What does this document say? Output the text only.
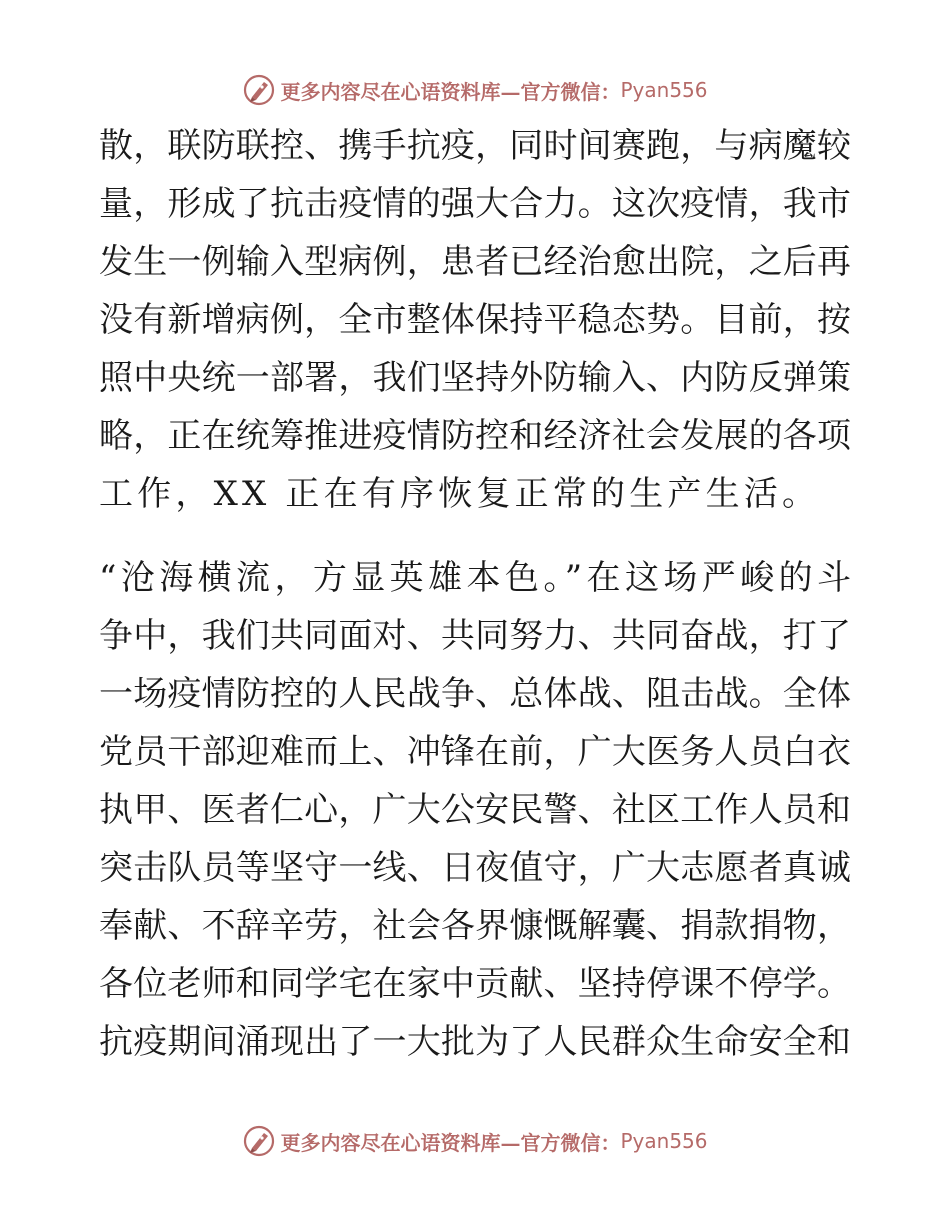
更多内容尽在心语资料库—官方微信： Pyan556
散，联防联控、携手抗疫，同时间赛跑，与病魔较
量，形成了抗击疫情的强大合力。这次疫情，我市
发生一例输入型病例，患者已经治愈出院，之后再
没有新增病例，全市整体保持平稳态势。目前，按
照中央统一部署，我们坚持外防输入、内防反弹策
略，正在统筹推进疫情防控和经济社会发展的各项
工作，XX 正在有序恢复正常的生产生活。
“沧海横流，方显英雄本色。”在这场严峻的斗
争中，我们共同面对、共同努力、共同奋战，打了
一场疫情防控的人民战争、总体战、阻击战。全体
党员干部迎难而上、冲锋在前，广大医务人员白衣
执甲、医者仁心，广大公安民警、社区工作人员和
突击队员等坚守一线、日夜值守，广大志愿者真诚
奉献、不辞辛劳，社会各界慷慨解囊、捐款捐物，
各位老师和同学宅在家中贡献、坚持停课不停学。
抗疫期间涌现出了一大批为了人民群众生命安全和
更多内容尽在心语资料库—官方微信： Pyan556
